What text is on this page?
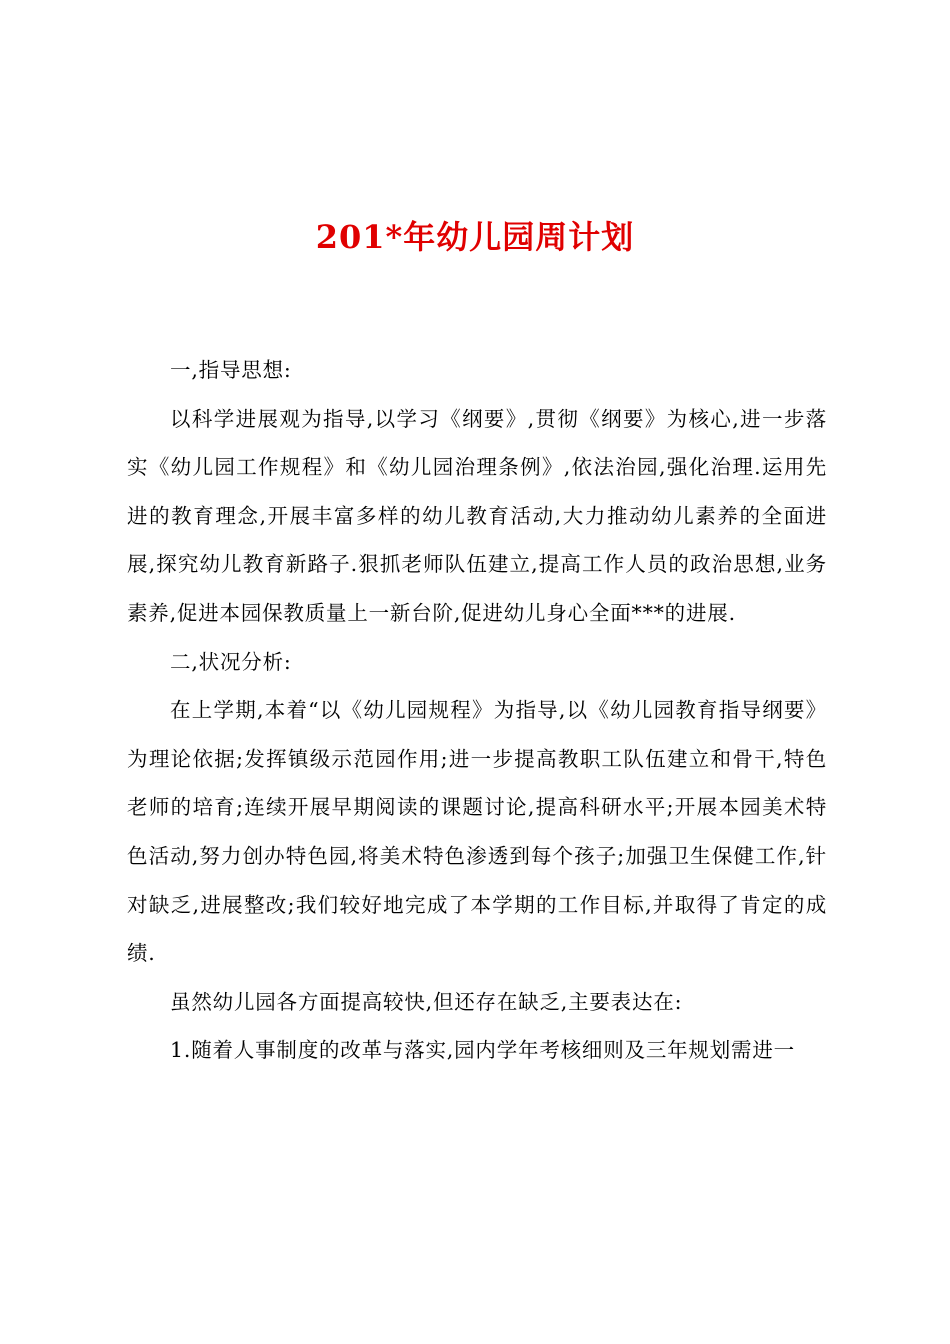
201*年幼儿园周计划

一,指导思想:

以科学进展观为指导,以学习《纲要》,贯彻《纲要》为核心,进一步落实《幼儿园工作规程》和《幼儿园治理条例》,依法治园,强化治理.运用先进的教育理念,开展丰富多样的幼儿教育活动,大力推动幼儿素养的全面进展,探究幼儿教育新路子.狠抓老师队伍建立,提高工作人员的政治思想,业务素养,促进本园保教质量上一新台阶,促进幼儿身心全面***的进展.

二,状况分析:

在上学期,本着“以《幼儿园规程》为指导,以《幼儿园教育指导纲要》为理论依据;发挥镇级示范园作用;进一步提高教职工队伍建立和骨干,特色老师的培育;连续开展早期阅读的课题讨论,提高科研水平;开展本园美术特色活动,努力创办特色园,将美术特色渗透到每个孩子;加强卫生保健工作,针对缺乏,进展整改;我们较好地完成了本学期的工作目标,并取得了肯定的成绩.

虽然幼儿园各方面提高较快,但还存在缺乏,主要表达在:

1.随着人事制度的改革与落实,园内学年考核细则及三年规划需进一
